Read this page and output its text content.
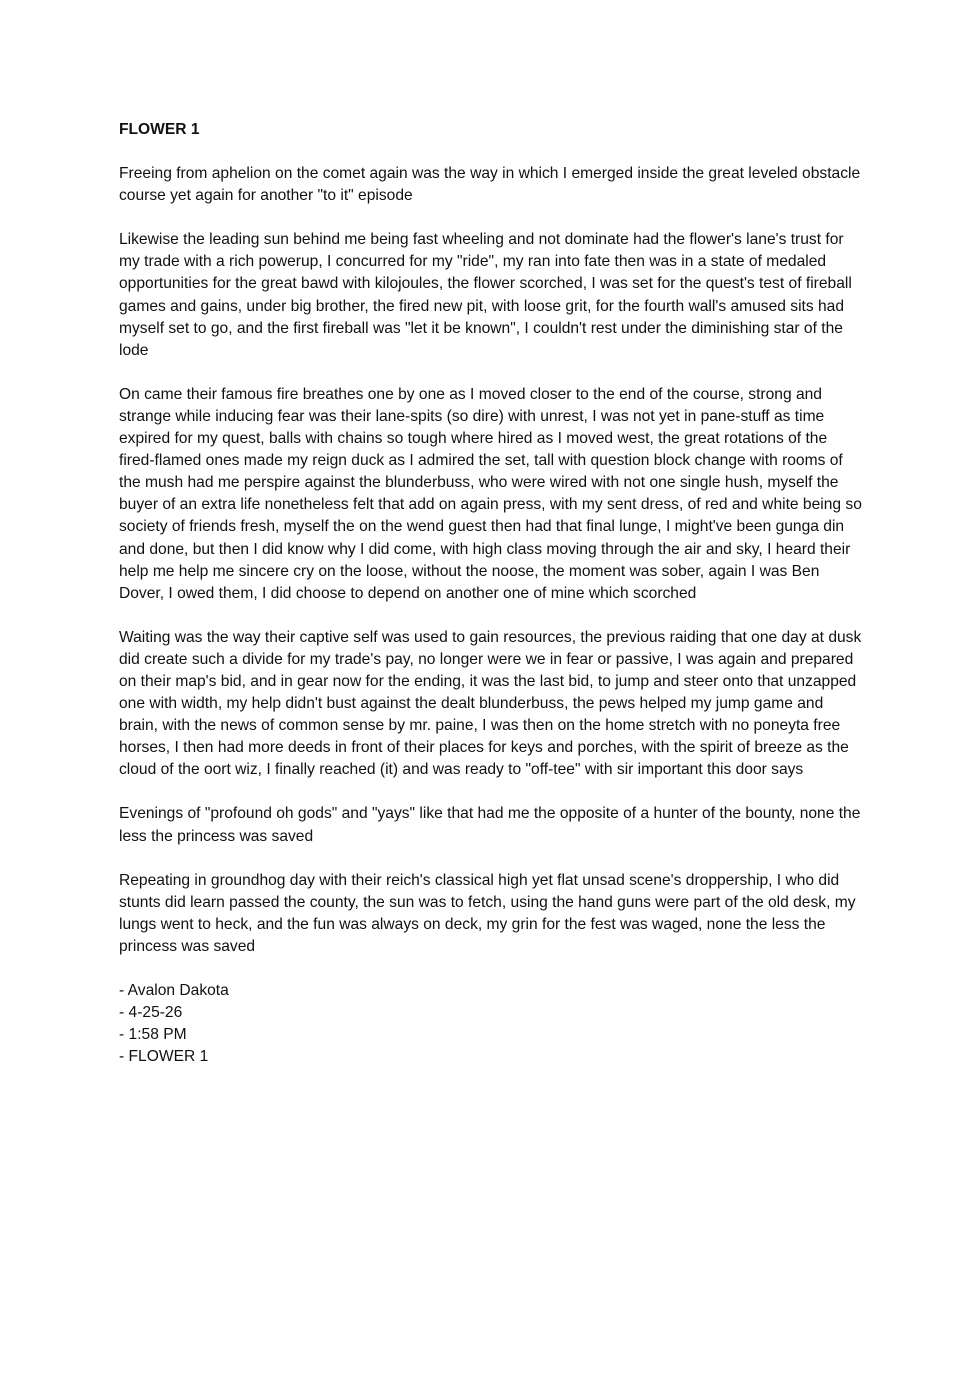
FLOWER 1
Freeing from aphelion on the comet again was the way in which I emerged inside the great leveled obstacle course yet again for another "to it" episode
Likewise the leading sun behind me being fast wheeling and not dominate had the flower's lane's trust for my trade with a rich powerup, I concurred for my "ride", my ran into fate then was in a state of medaled opportunities for the great bawd with kilojoules, the flower scorched, I was set for the quest's test of fireball games and gains, under big brother, the fired new pit, with loose grit, for the fourth wall's amused sits had myself set to go, and the first fireball was "let it be known", I couldn't rest under the diminishing star of the lode
On came their famous fire breathes one by one as I moved closer to the end of the course, strong and strange while inducing fear was their lane-spits (so dire) with unrest, I was not yet in pane-stuff as time expired for my quest, balls with chains so tough where hired as I moved west, the great rotations of the fired-flamed ones made my reign duck as I admired the set, tall with question block change with rooms of the mush had me perspire against the blunderbuss, who were wired with not one single hush, myself the buyer of an extra life nonetheless felt that add on again press, with my sent dress, of red and white being so society of friends fresh, myself the on the wend guest then had that final lunge, I might've been gunga din and done, but then I did know why I did come, with high class moving through the air and sky, I heard their help me help me sincere cry on the loose, without the noose, the moment was sober, again I was Ben Dover, I owed them, I did choose to depend on another one of mine which scorched
Waiting was the way their captive self was used to gain resources, the previous raiding that one day at dusk did create such a divide for my trade's pay, no longer were we in fear or passive, I was again and prepared on their map's bid, and in gear now for the ending, it was the last bid, to jump and steer onto that unzapped one with width, my help didn't bust against the dealt blunderbuss, the pews helped my jump game and brain, with the news of common sense by mr. paine, I was then on the home stretch with no poneyta free horses, I then had more deeds in front of their places for keys and porches, with the spirit of breeze as the cloud of the oort wiz, I finally reached (it) and was ready to "off-tee" with sir important this door says
Evenings of "profound oh gods" and "yays" like that had me the opposite of a hunter of the bounty, none the less the princess was saved
Repeating in groundhog day with their reich's classical high yet flat unsad scene's droppership, I who did stunts did learn passed the county, the sun was to fetch, using the hand guns were part of the old desk, my lungs went to heck, and the fun was always on deck, my grin for the fest was waged, none the less the princess was saved
- Avalon Dakota
- 4-25-26
- 1:58 PM
- FLOWER 1
